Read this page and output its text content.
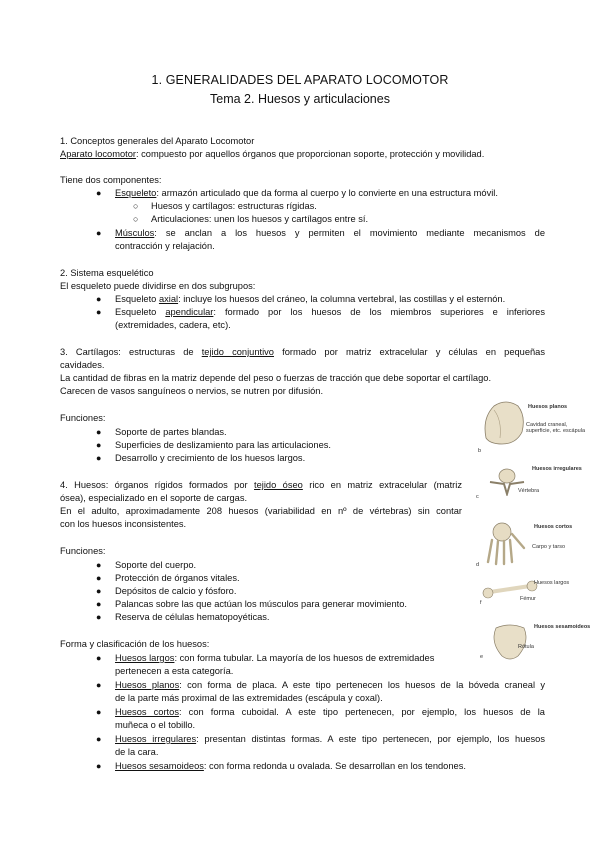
1. GENERALIDADES DEL APARATO LOCOMOTOR
Tema 2. Huesos y articulaciones
1. Conceptos generales del Aparato Locomotor
Aparato locomotor: compuesto por aquellos órganos que proporcionan soporte, protección y movilidad.
Tiene dos componentes:
● Esqueleto: armazón articulado que da forma al cuerpo y lo convierte en una estructura móvil.
○ Huesos y cartílagos: estructuras rígidas.
○ Articulaciones: unen los huesos y cartílagos entre sí.
● Músculos: se anclan a los huesos y permiten el movimiento mediante mecanismos de
contracción y relajación.
2. Sistema esquelético
El esqueleto puede dividirse en dos subgrupos:
● Esqueleto axial: incluye los huesos del cráneo, la columna vertebral, las costillas y el esternón.
● Esqueleto apendicular: formado por los huesos de los miembros superiores e inferiores
(extremidades, cadera, etc).
3. Cartílagos: estructuras de tejido conjuntivo formado por matriz extracelular y células en pequeñas
cavidades.
La cantidad de fibras en la matriz depende del peso o fuerzas de tracción que debe soportar el cartílago.
Carecen de vasos sanguíneos o nervios, se nutren por difusión.
Funciones:
● Soporte de partes blandas.
● Superficies de deslizamiento para las articulaciones.
● Desarrollo y crecimiento de los huesos largos.
4. Huesos: órganos rígidos formados por tejido óseo rico en matriz extracelular (matriz
ósea), especializado en el soporte de cargas.
En el adulto, aproximadamente 208 huesos (variabilidad en nº de vértebras) sin contar
con los huesos inconsistentes.
Funciones:
● Soporte del cuerpo.
● Protección de órganos vitales.
● Depósitos de calcio y fósforo.
● Palancas sobre las que actúan los músculos para generar movimiento.
● Reserva de células hematopoyéticas.
Forma y clasificación de los huesos:
● Huesos largos: con forma tubular. La mayoría de los huesos de extremidades
pertenecen a esta categoría.
● Huesos planos: con forma de placa. A este tipo pertenecen los huesos de la bóveda craneal y
de la parte más proximal de las extremidades (escápula y coxal).
● Huesos cortos: con forma cuboidal. A este tipo pertenecen, por ejemplo, los huesos de la
muñeca o el tobillo.
● Huesos irregulares: presentan distintas formas. A este tipo pertenecen, por ejemplo, los huesos
de la cara.
● Huesos sesamoideos: con forma redonda u ovalada. Se desarrollan en los tendones.
Huesos planos
Cavidad craneal, superficie, etc. escápula
b
Huesos irregulares
Vértebra
c
Huesos cortos
Carpo y tarso
d
Huesos largos
Fémur
f
Huesos sesamoideos
Rótula
e
